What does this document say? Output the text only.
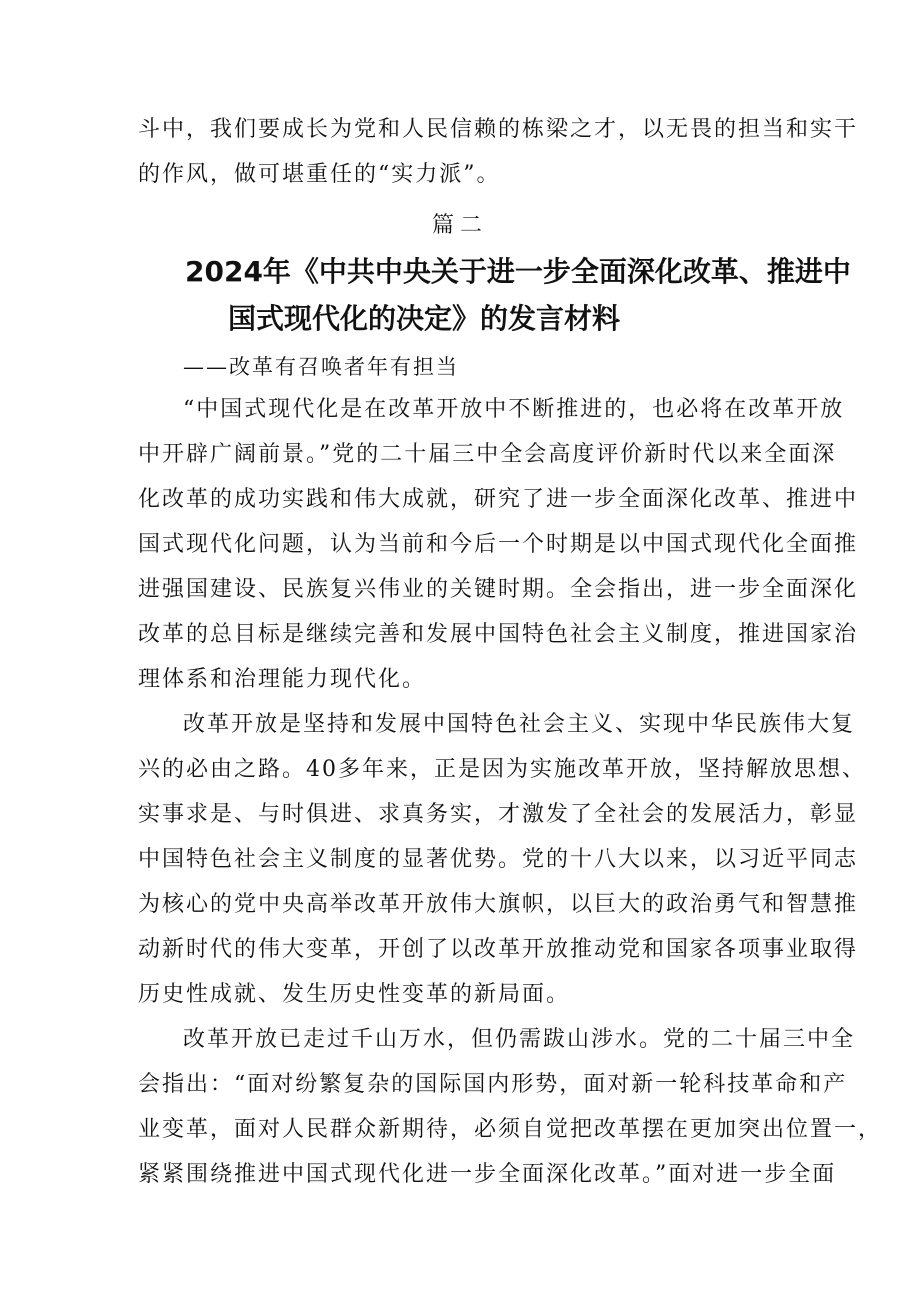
斗中，我们要成长为党和人民信赖的栋梁之才，以无畏的担当和实干
的作风，做可堪重任的“实力派”。
篇二
2024年《中共中央关于进一步全面深化改革、推进中
国式现代化的决定》的发言材料
——改革有召唤者年有担当
“中国式现代化是在改革开放中不断推进的，也必将在改革开放
中开辟广阔前景。”党的二十届三中全会高度评价新时代以来全面深
化改革的成功实践和伟大成就，研究了进一步全面深化改革、推进中
国式现代化问题，认为当前和今后一个时期是以中国式现代化全面推
进强国建设、民族复兴伟业的关键时期。全会指出，进一步全面深化
改革的总目标是继续完善和发展中国特色社会主义制度，推进国家治
理体系和治理能力现代化。
改革开放是坚持和发展中国特色社会主义、实现中华民族伟大复
兴的必由之路。40多年来，正是因为实施改革开放，坚持解放思想、
实事求是、与时俱进、求真务实，才激发了全社会的发展活力，彰显
中国特色社会主义制度的显著优势。党的十八大以来，以习近平同志
为核心的党中央高举改革开放伟大旗帜，以巨大的政治勇气和智慧推
动新时代的伟大变革，开创了以改革开放推动党和国家各项事业取得
历史性成就、发生历史性变革的新局面。
改革开放已走过千山万水，但仍需跋山涉水。党的二十届三中全
会指出：“面对纷繁复杂的国际国内形势，面对新一轮科技革命和产
业变革，面对人民群众新期待，必须自觉把改革摆在更加突出位置一，
紧紧围绕推进中国式现代化进一步全面深化改革。”面对进一步全面
